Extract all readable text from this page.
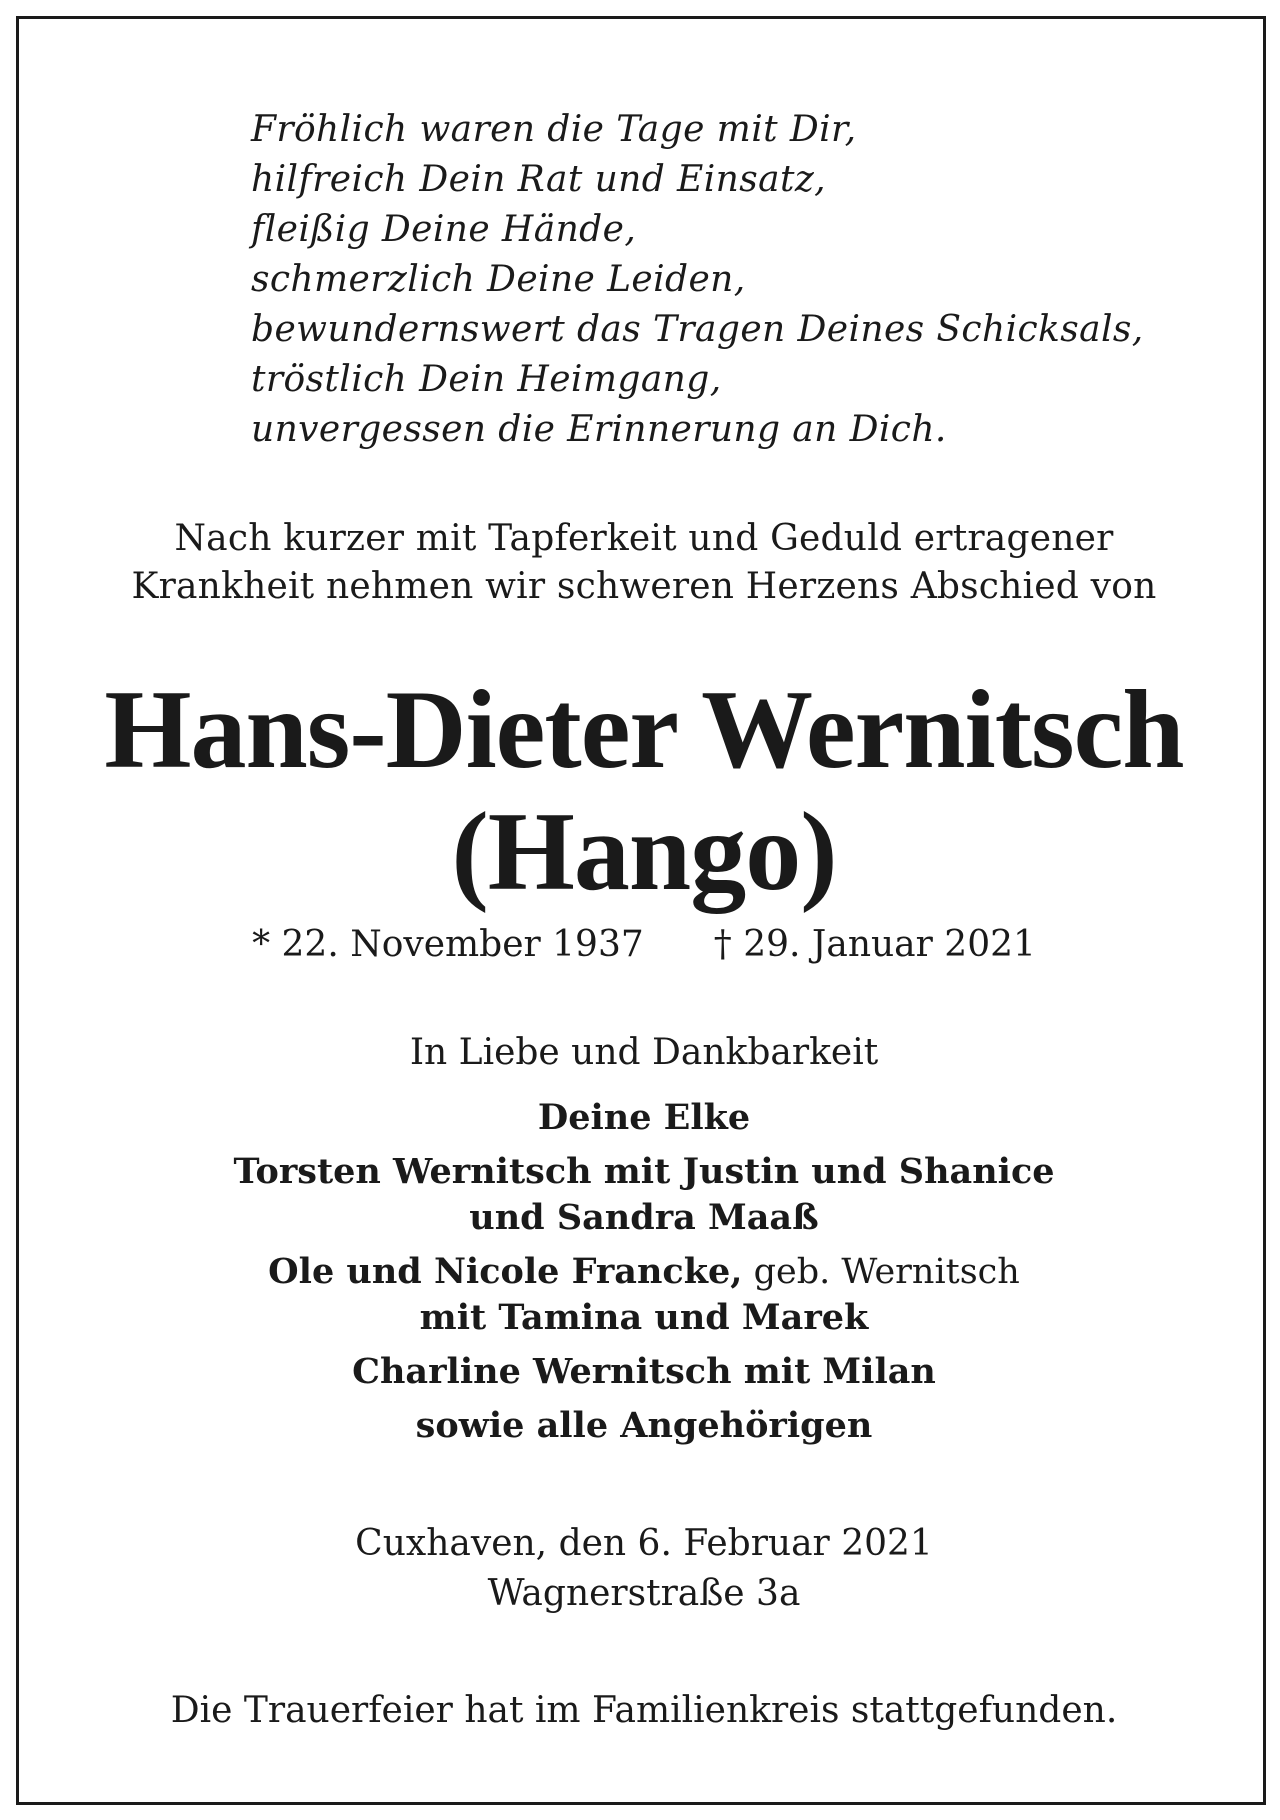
Fröhlich waren die Tage mit Dir,
hilfreich Dein Rat und Einsatz,
fleißig Deine Hände,
schmerzlich Deine Leiden,
bewundernswert das Tragen Deines Schicksals,
tröstlich Dein Heimgang,
unvergessen die Erinnerung an Dich.
Nach kurzer mit Tapferkeit und Geduld ertragener
Krankheit nehmen wir schweren Herzens Abschied von
Hans-Dieter Wernitsch
(Hango)
* 22. November 1937 † 29. Januar 2021
In Liebe und Dankbarkeit
Deine Elke
Torsten Wernitsch mit Justin und Shanice
und Sandra Maaß
Ole und Nicole Francke, geb. Wernitsch
mit Tamina und Marek
Charline Wernitsch mit Milan
sowie alle Angehörigen
Cuxhaven, den 6. Februar 2021
Wagnerstraße 3a
Die Trauerfeier hat im Familienkreis stattgefunden.
